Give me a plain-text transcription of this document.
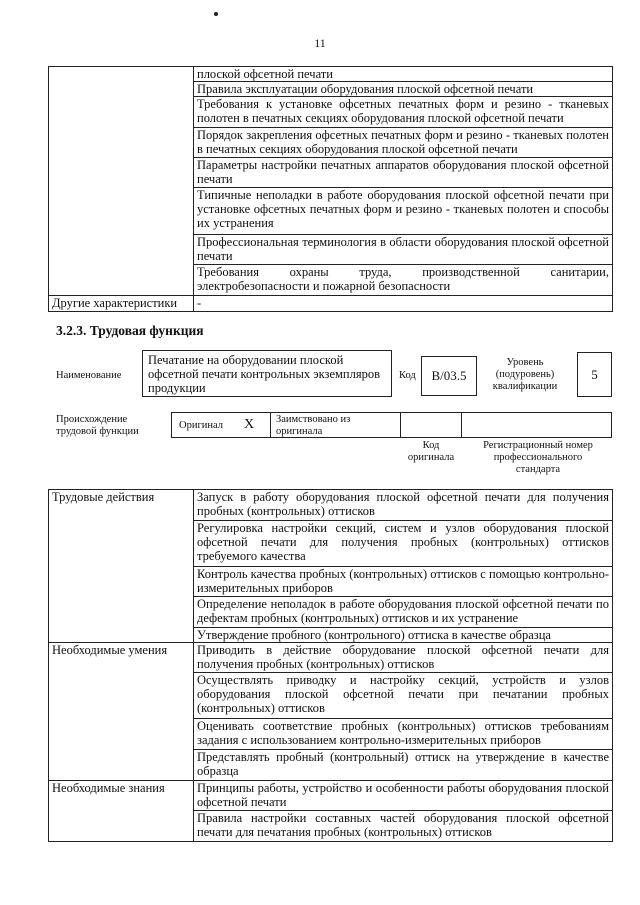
11
	плоской офсетной печати
	Правила эксплуатации оборудования плоской офсетной печати
	Требования к установке офсетных печатных форм и резино - тканевых полотен в печатных секциях оборудования плоской офсетной печати
	Порядок закрепления офсетных печатных форм и резино - тканевых полотен в печатных секциях оборудования плоской офсетной печати
	Параметры настройки печатных аппаратов оборудования плоской офсетной печати
	Типичные неполадки в работе оборудования плоской офсетной печати при установке офсетных печатных форм и резино - тканевых полотен и способы их устранения
	Профессиональная терминология в области оборудования плоской офсетной печати
	Требования охраны труда, производственной санитарии, электробезопасности и пожарной безопасности
Другие характеристики	-
3.2.3. Трудовая функция
Наименование
Печатание на оборудовании плоской офсетной печати контрольных экземпляров продукции
Код	B/03.5
Уровень (подуровень) квалификации
5
Происхождение трудовой функции
Оригинал X Заимствовано из оригинала
Код оригинала
Регистрационный номер профессионального стандарта
Трудовые действия	Запуск в работу оборудования плоской офсетной печати для получения пробных (контрольных) оттисков
	Регулировка настройки секций, систем и узлов оборудования плоской офсетной печати для получения пробных (контрольных) оттисков требуемого качества
	Контроль качества пробных (контрольных) оттисков с помощью контрольно-измерительных приборов
	Определение неполадок в работе оборудования плоской офсетной печати по дефектам пробных (контрольных) оттисков и их устранение
	Утверждение пробного (контрольного) оттиска в качестве образца
Необходимые умения	Приводить в действие оборудование плоской офсетной печати для получения пробных (контрольных) оттисков
	Осуществлять приводку и настройку секций, устройств и узлов оборудования плоской офсетной печати при печатании пробных (контрольных) оттисков
	Оценивать соответствие пробных (контрольных) оттисков требованиям задания с использованием контрольно-измерительных приборов
	Представлять пробный (контрольный) оттиск на утверждение в качестве образца
Необходимые знания	Принципы работы, устройство и особенности работы оборудования плоской офсетной печати
	Правила настройки составных частей оборудования плоской офсетной печати для печатания пробных (контрольных) оттисков
